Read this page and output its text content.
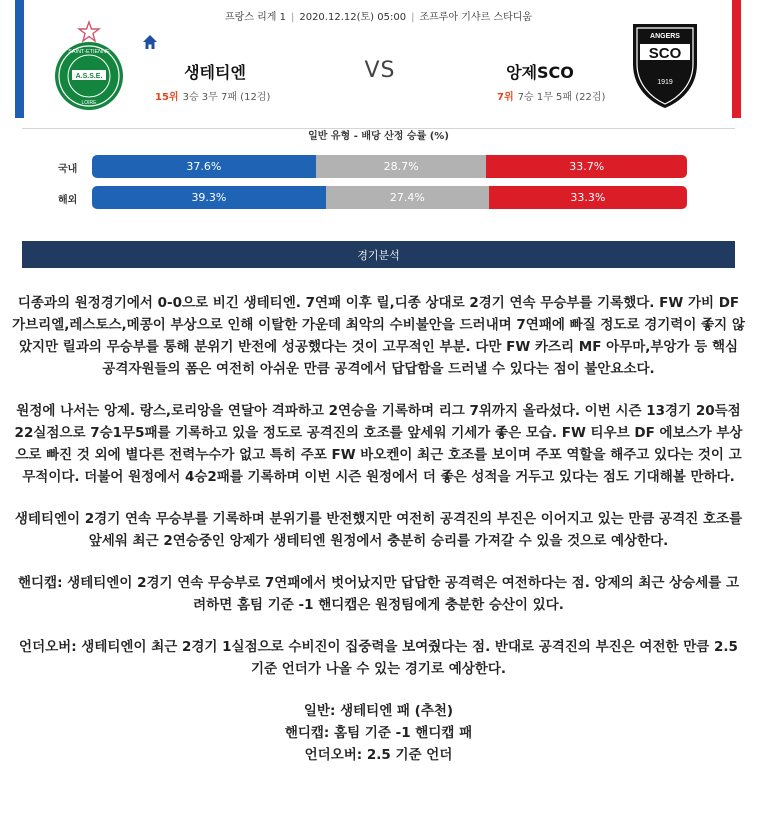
프랑스 리게 1 | 2020.12.12(토) 05:00 | 조프루아 기샤르 스타디움
SAINT-ETIENNE
A.S.S.E.
LOIRE
생테티엔	VS	앙제SCO
15위 3승 3무 7패 (12검)	7위 7승 1무 5패 (22검)
ANGERS
SCO
1919
일반 유형 - 배당 산정 승률 (%)
국내	37.6%	28.7%	33.7%
해외	39.3%	27.4%	33.3%
경기분석

디종과의 원정경기에서 0-0으로 비긴 생테티엔. 7연패 이후 릴,디종 상대로 2경기 연속 무승부를 기록했다. FW 가비 DF 가브리엘,레스토스,메콩이 부상으로 인해 이탈한 가운데 최악의 수비불안을 드러내며 7연패에 빠질 정도로 경기력이 좋지 않았지만 릴과의 무승부를 통해 분위기 반전에 성공했다는 것이 고무적인 부분. 다만 FW 카즈리 MF 아무마,부앙가 등 핵심 공격자원들의 폼은 여전히 아쉬운 만큼 공격에서 답답함을 드러낼 수 있다는 점이 불안요소다.

원정에 나서는 앙제. 랑스,로리앙을 연달아 격파하고 2연승을 기록하며 리그 7위까지 올라섰다. 이번 시즌 13경기 20득점 22실점으로 7승1무5패를 기록하고 있을 정도로 공격진의 호조를 앞세워 기세가 좋은 모습. FW 티우브 DF 에보스가 부상으로 빠진 것 외에 별다른 전력누수가 없고 특히 주포 FW 바오켄이 최근 호조를 보이며 주포 역할을 해주고 있다는 것이 고무적이다. 더불어 원정에서 4승2패를 기록하며 이번 시즌 원정에서 더 좋은 성적을 거두고 있다는 점도 기대해볼 만하다.

생테티엔이 2경기 연속 무승부를 기록하며 분위기를 반전했지만 여전히 공격진의 부진은 이어지고 있는 만큼 공격진 호조를 앞세워 최근 2연승중인 앙제가 생테티엔 원정에서 충분히 승리를 가져갈 수 있을 것으로 예상한다.

핸디캡: 생테티엔이 2경기 연속 무승부로 7연패에서 벗어났지만 답답한 공격력은 여전하다는 점. 앙제의 최근 상승세를 고려하면 홈팀 기준 -1 핸디캡은 원정팀에게 충분한 승산이 있다.

언더오버: 생테티엔이 최근 2경기 1실점으로 수비진이 집중력을 보여줬다는 점. 반대로 공격진의 부진은 여전한 만큼 2.5 기준 언더가 나올 수 있는 경기로 예상한다.

일반: 생테티엔 패 (추천)
핸디캡: 홈팀 기준 -1 핸디캡 패
언더오버: 2.5 기준 언더
